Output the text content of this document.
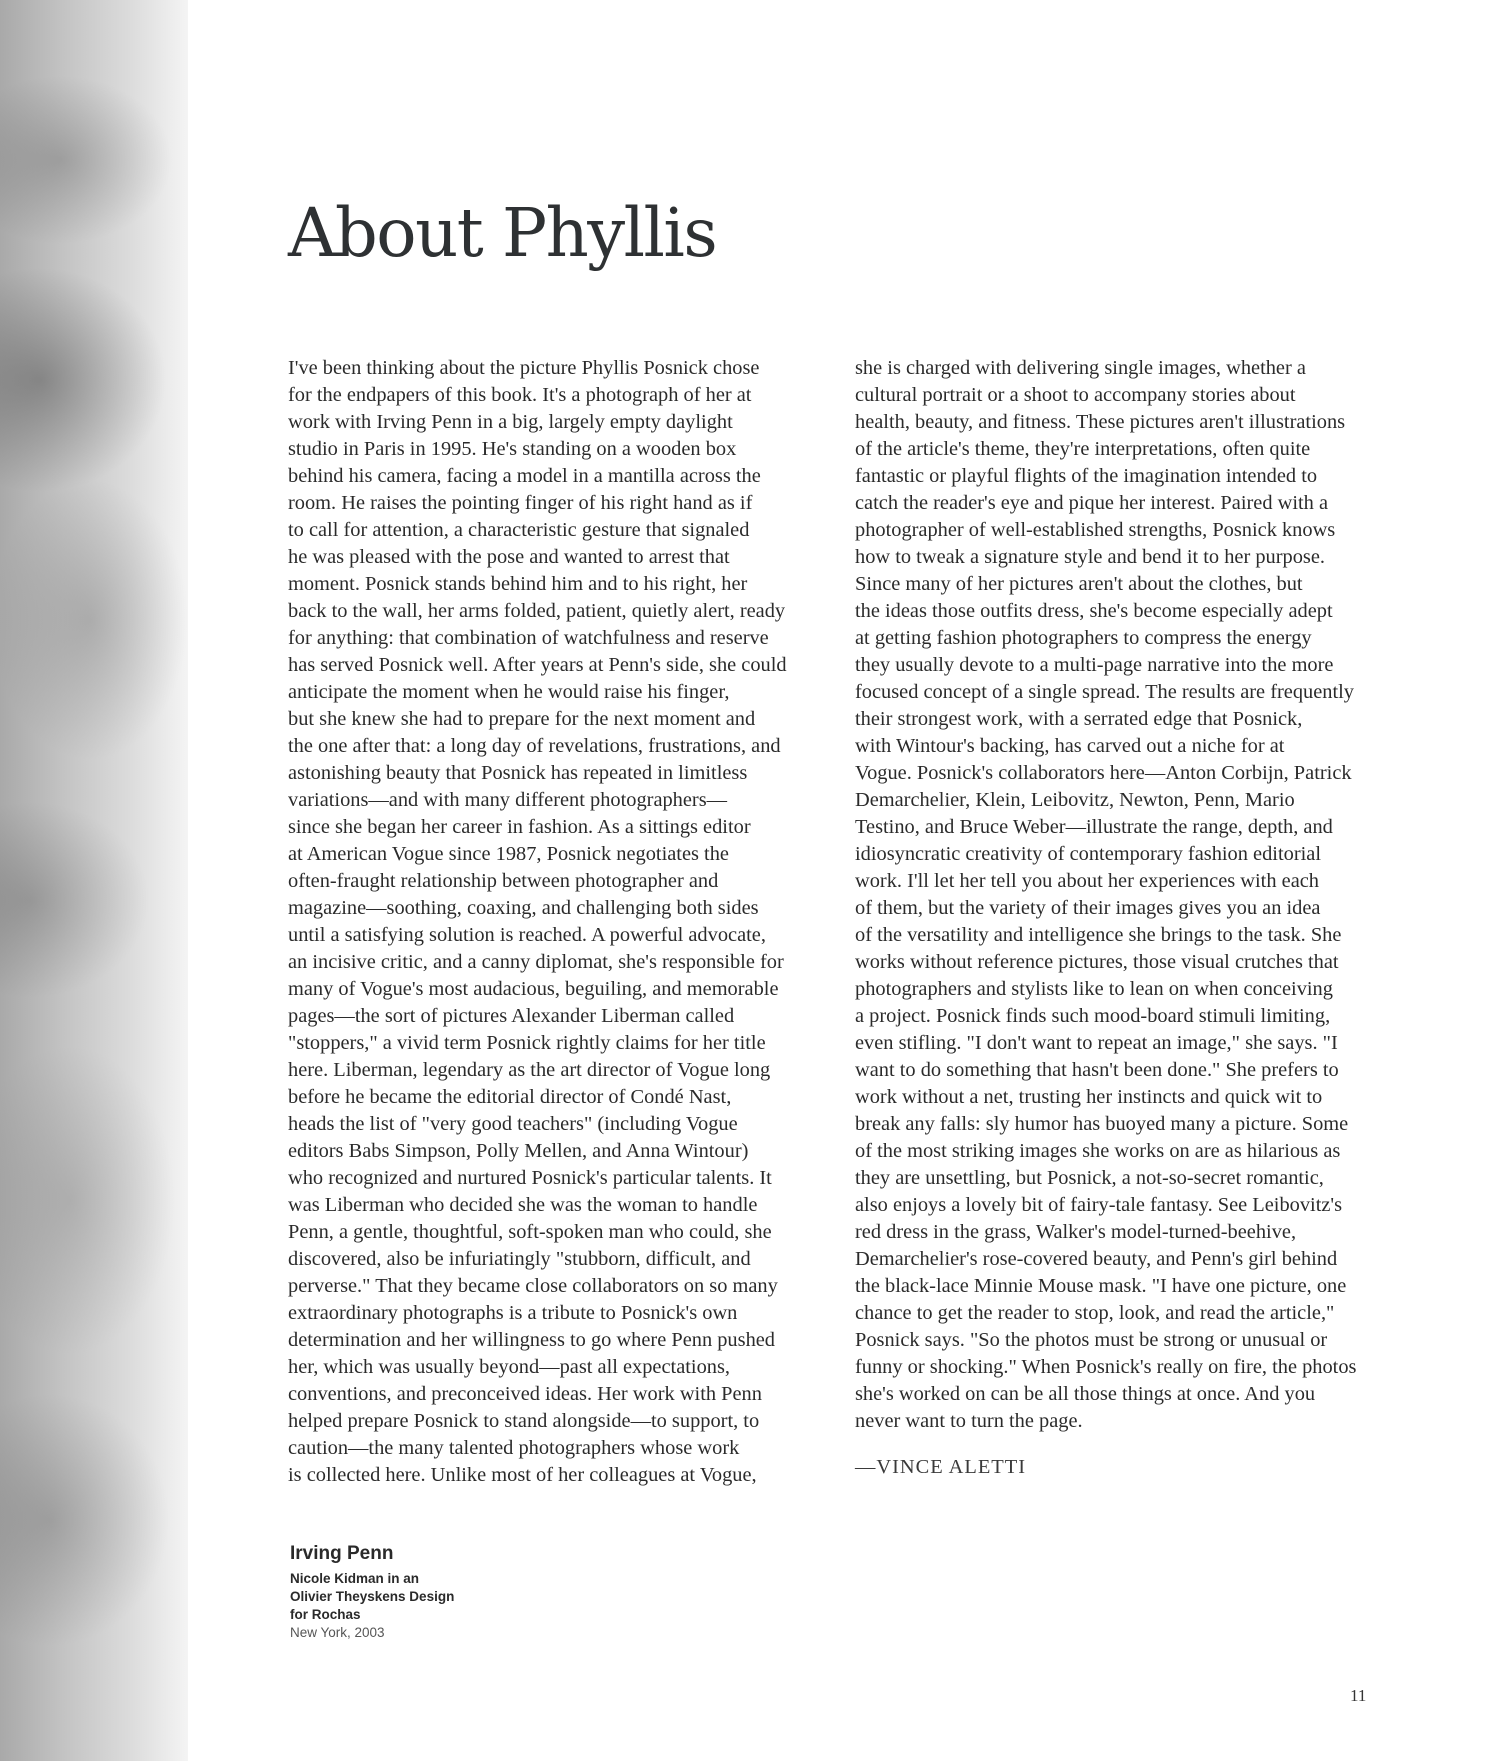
About Phyllis
I've been thinking about the picture Phyllis Posnick chose
for the endpapers of this book. It's a photograph of her at
work with Irving Penn in a big, largely empty daylight
studio in Paris in 1995. He's standing on a wooden box
behind his camera, facing a model in a mantilla across the
room. He raises the pointing finger of his right hand as if
to call for attention, a characteristic gesture that signaled
he was pleased with the pose and wanted to arrest that
moment. Posnick stands behind him and to his right, her
back to the wall, her arms folded, patient, quietly alert, ready
for anything: that combination of watchfulness and reserve
has served Posnick well. After years at Penn's side, she could
anticipate the moment when he would raise his finger,
but she knew she had to prepare for the next moment and
the one after that: a long day of revelations, frustrations, and
astonishing beauty that Posnick has repeated in limitless
variations—and with many different photographers—
since she began her career in fashion. As a sittings editor
at American Vogue since 1987, Posnick negotiates the
often-fraught relationship between photographer and
magazine—soothing, coaxing, and challenging both sides
until a satisfying solution is reached. A powerful advocate,
an incisive critic, and a canny diplomat, she's responsible for
many of Vogue's most audacious, beguiling, and memorable
pages—the sort of pictures Alexander Liberman called
"stoppers," a vivid term Posnick rightly claims for her title
here. Liberman, legendary as the art director of Vogue long
before he became the editorial director of Condé Nast,
heads the list of "very good teachers" (including Vogue
editors Babs Simpson, Polly Mellen, and Anna Wintour)
who recognized and nurtured Posnick's particular talents. It
was Liberman who decided she was the woman to handle
Penn, a gentle, thoughtful, soft-spoken man who could, she
discovered, also be infuriatingly "stubborn, difficult, and
perverse." That they became close collaborators on so many
extraordinary photographs is a tribute to Posnick's own
determination and her willingness to go where Penn pushed
her, which was usually beyond—past all expectations,
conventions, and preconceived ideas. Her work with Penn
helped prepare Posnick to stand alongside—to support, to
caution—the many talented photographers whose work
is collected here. Unlike most of her colleagues at Vogue,
she is charged with delivering single images, whether a
cultural portrait or a shoot to accompany stories about
health, beauty, and fitness. These pictures aren't illustrations
of the article's theme, they're interpretations, often quite
fantastic or playful flights of the imagination intended to
catch the reader's eye and pique her interest. Paired with a
photographer of well-established strengths, Posnick knows
how to tweak a signature style and bend it to her purpose.
Since many of her pictures aren't about the clothes, but
the ideas those outfits dress, she's become especially adept
at getting fashion photographers to compress the energy
they usually devote to a multi-page narrative into the more
focused concept of a single spread. The results are frequently
their strongest work, with a serrated edge that Posnick,
with Wintour's backing, has carved out a niche for at
Vogue. Posnick's collaborators here—Anton Corbijn, Patrick
Demarchelier, Klein, Leibovitz, Newton, Penn, Mario
Testino, and Bruce Weber—illustrate the range, depth, and
idiosyncratic creativity of contemporary fashion editorial
work. I'll let her tell you about her experiences with each
of them, but the variety of their images gives you an idea
of the versatility and intelligence she brings to the task. She
works without reference pictures, those visual crutches that
photographers and stylists like to lean on when conceiving
a project. Posnick finds such mood-board stimuli limiting,
even stifling. "I don't want to repeat an image," she says. "I
want to do something that hasn't been done." She prefers to
work without a net, trusting her instincts and quick wit to
break any falls: sly humor has buoyed many a picture. Some
of the most striking images she works on are as hilarious as
they are unsettling, but Posnick, a not-so-secret romantic,
also enjoys a lovely bit of fairy-tale fantasy. See Leibovitz's
red dress in the grass, Walker's model-turned-beehive,
Demarchelier's rose-covered beauty, and Penn's girl behind
the black-lace Minnie Mouse mask. "I have one picture, one
chance to get the reader to stop, look, and read the article,"
Posnick says. "So the photos must be strong or unusual or
funny or shocking." When Posnick's really on fire, the photos
she's worked on can be all those things at once. And you
never want to turn the page.
—VINCE ALETTI
Irving Penn
Nicole Kidman in an
Olivier Theyskens Design
for Rochas
New York, 2003
11
